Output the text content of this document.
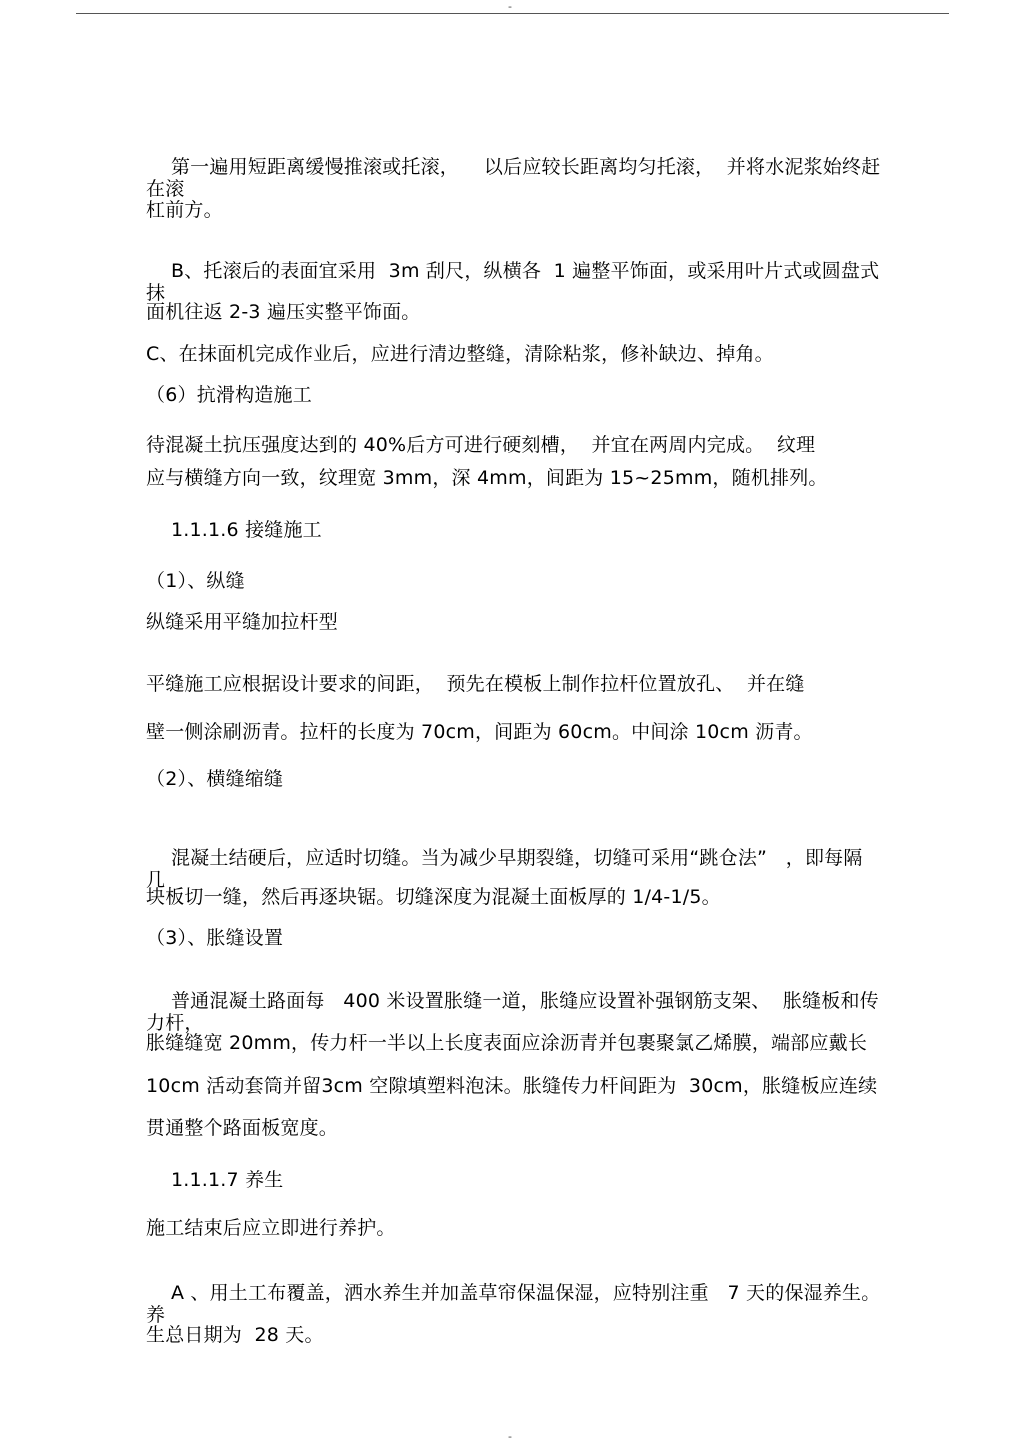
-

第一遍用短距离缓慢推滚或托滚，    以后应较长距离均匀托滚，  并将水泥浆始终赶
在滚

杠前方。

B、托滚后的表面宜采用  3m 刮尺，纵横各  1 遍整平饰面，或采用叶片式或圆盘式
抹

面机往返 2-3 遍压实整平饰面。
C、在抹面机完成作业后，应进行清边整缝，清除粘浆，修补缺边、掉角。
（6）抗滑构造施工
待混凝土抗压强度达到的 40%后方可进行硬刻槽，  并宜在两周内完成。  纹理
应与横缝方向一致，纹理宽 3mm，深 4mm，间距为 15~25mm，随机排列。
1.1.1.6 接缝施工
（1）、纵缝
纵缝采用平缝加拉杆型
平缝施工应根据设计要求的间距，  预先在模板上制作拉杆位置放孔、  并在缝
壁一侧涂刷沥青。拉杆的长度为 70cm，间距为 60cm。中间涂 10cm 沥青。
（2）、横缝缩缝

混凝土结硬后，应适时切缝。当为减少早期裂缝，切缝可采用“跳仓法”   ，即每隔
几

块板切一缝，然后再逐块锯。切缝深度为混凝土面板厚的 1/4-1/5。
（3）、胀缝设置

普通混凝土路面每   400 米设置胀缝一道，胀缝应设置补强钢筋支架、  胀缝板和传
力杆，

胀缝缝宽 20mm，传力杆一半以上长度表面应涂沥青并包裹聚氯乙烯膜，端部应戴长
10cm 活动套筒并留3cm 空隙填塑料泡沫。胀缝传力杆间距为  30cm，胀缝板应连续
贯通整个路面板宽度。
1.1.1.7 养生
施工结束后应立即进行养护。

A 、用土工布覆盖，洒水养生并加盖草帘保温保湿，应特别注重   7 天的保湿养生。
养

生总日期为  28 天。
-
